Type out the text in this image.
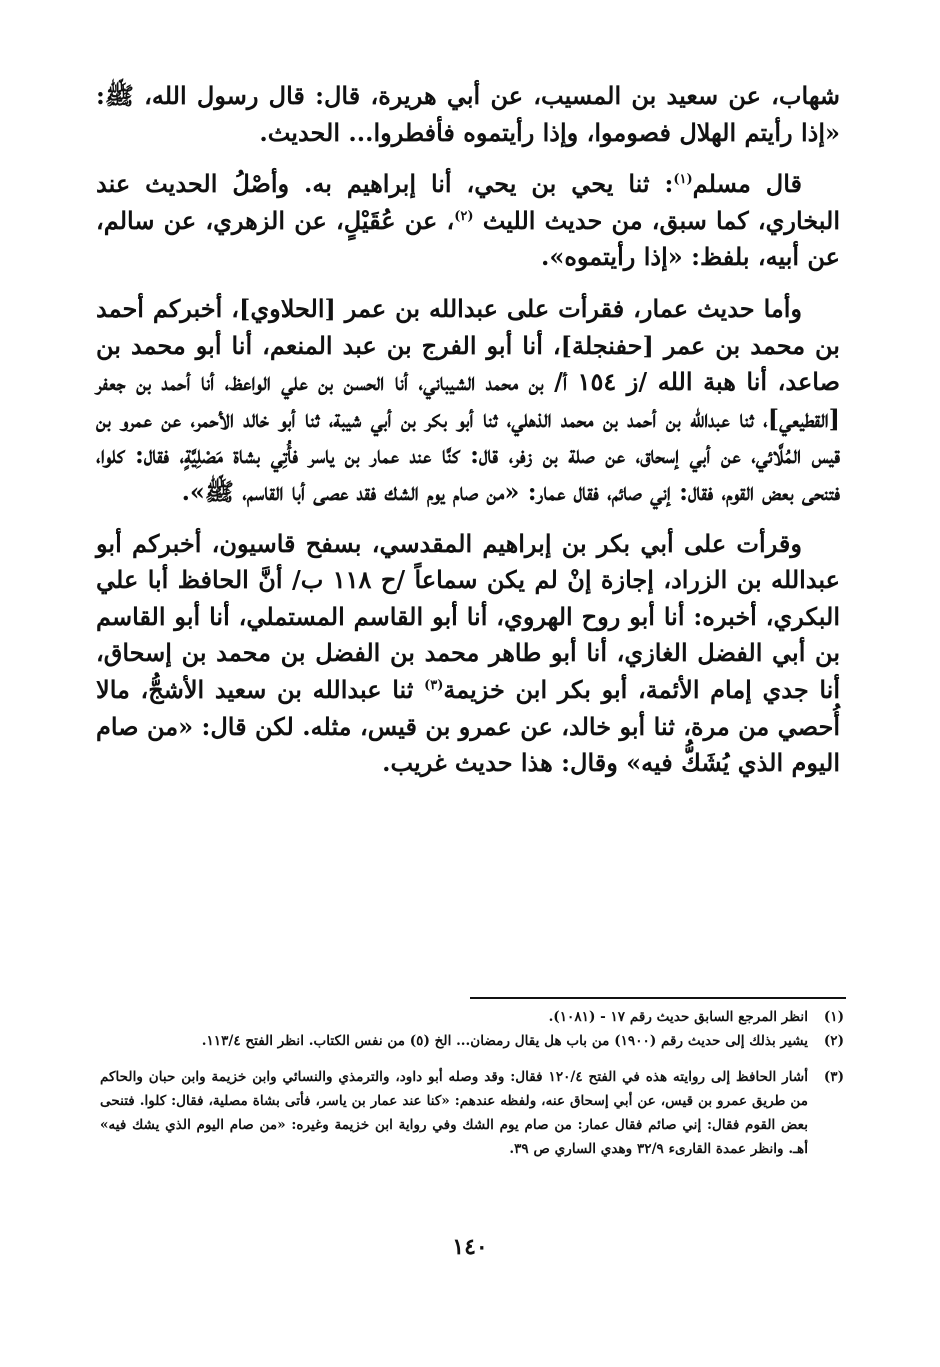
شهاب، عن سعيد بن المسيب، عن أبي هريرة، قال: قال رسول الله، ﷺ: «إذا رأيتم الهلال فصوموا، وإذا رأيتموه فأفطروا... الحديث.

قال مسلم$^{(١)}$: ثنا يحي بن يحي، أنا إبراهيم به. وأصْلُ الحديث عند البخاري، كما سبق، من حديث الليث $^{(٢)}$، عن عُقَيْلٍ، عن الزهري، عن سالم، عن أبيه، بلفظ: «إذا رأيتموه».

وأما حديث عمار، فقرأت على عبدالله بن عمر [الحلاوي]، أخبركم أحمد بن محمد بن عمر [حفنجلة]، أنا أبو الفرج بن عبد المنعم، أنا أبو محمد بن صاعد، أنا هبة الله /ز ١٥٤ أ/ بن محمد الشيباني، أنا الحسن بن علي الواعظ، أنا أحمد بن جعفر [القطيعي]، ثنا عبدالله بن أحمد بن محمد الذهلي، ثنا أبو بكر بن أبي شيبة، ثنا أبو خالد الأحمر، عن عمرو بن قيس المُلَّائي، عن أبي إسحاق، عن صلة بن زفر، قال: كنَّا عند عمار بن ياسر فأُتِي بشاة مَصْلِيَّةٍ، فقال: كلوا، فتنحى بعض القوم، فقال: إني صائم، فقال عمار: «من صام يوم الشك فقد عصى أبا القاسم، ﷺ».

وقرأت على أبي بكر بن إبراهيم المقدسي، بسفح قاسيون، أخبركم أبو عبدالله بن الزراد، إجازة إنْ لم يكن سماعاً /ح ١١٨ ب/ أنَّ الحافظ أبا علي البكري، أخبره: أنا أبو روح الهروي، أنا أبو القاسم المستملي، أنا أبو القاسم بن أبي الفضل الغازي، أنا أبو طاهر محمد بن الفضل بن محمد بن إسحاق، أنا جدي إمام الأئمة، أبو بكر ابن خزيمة$^{(٣)}$ ثنا عبدالله بن سعيد الأشجُّ، مالا أُحصي من مرة، ثنا أبو خالد، عن عمرو بن قيس، مثله. لكن قال: «من صام اليوم الذي يُشَكُّ فيه» وقال: هذا حديث غريب.

(١)
انظر المرجع السابق حديث رقم ١٧ - (١٠٨١).
(٢)
يشير بذلك إلى حديث رقم (١٩٠٠) من باب هل يقال رمضان... الخ (٥) من نفس الكتاب. انظر الفتح ١١٣/٤.
(٣)
أشار الحافظ إلى روايته هذه في الفتح ١٢٠/٤ فقال: وقد وصله أبو داود، والترمذي والنسائي وابن خزيمة وابن حبان والحاكم من طريق عمرو بن قيس، عن أبي إسحاق عنه، ولفظه عندهم: «كنا عند عمار بن ياسر، فأتى بشاة مصلية، فقال: كلوا. فتنحى بعض القوم فقال: إني صائم فقال عمار: من صام يوم الشك وفي رواية ابن خزيمة وغيره: «من صام اليوم الذي يشك فيه» أهـ. وانظر عمدة القارىء ٣٢/٩ وهدي الساري ص ٣٩.
١٤٠
